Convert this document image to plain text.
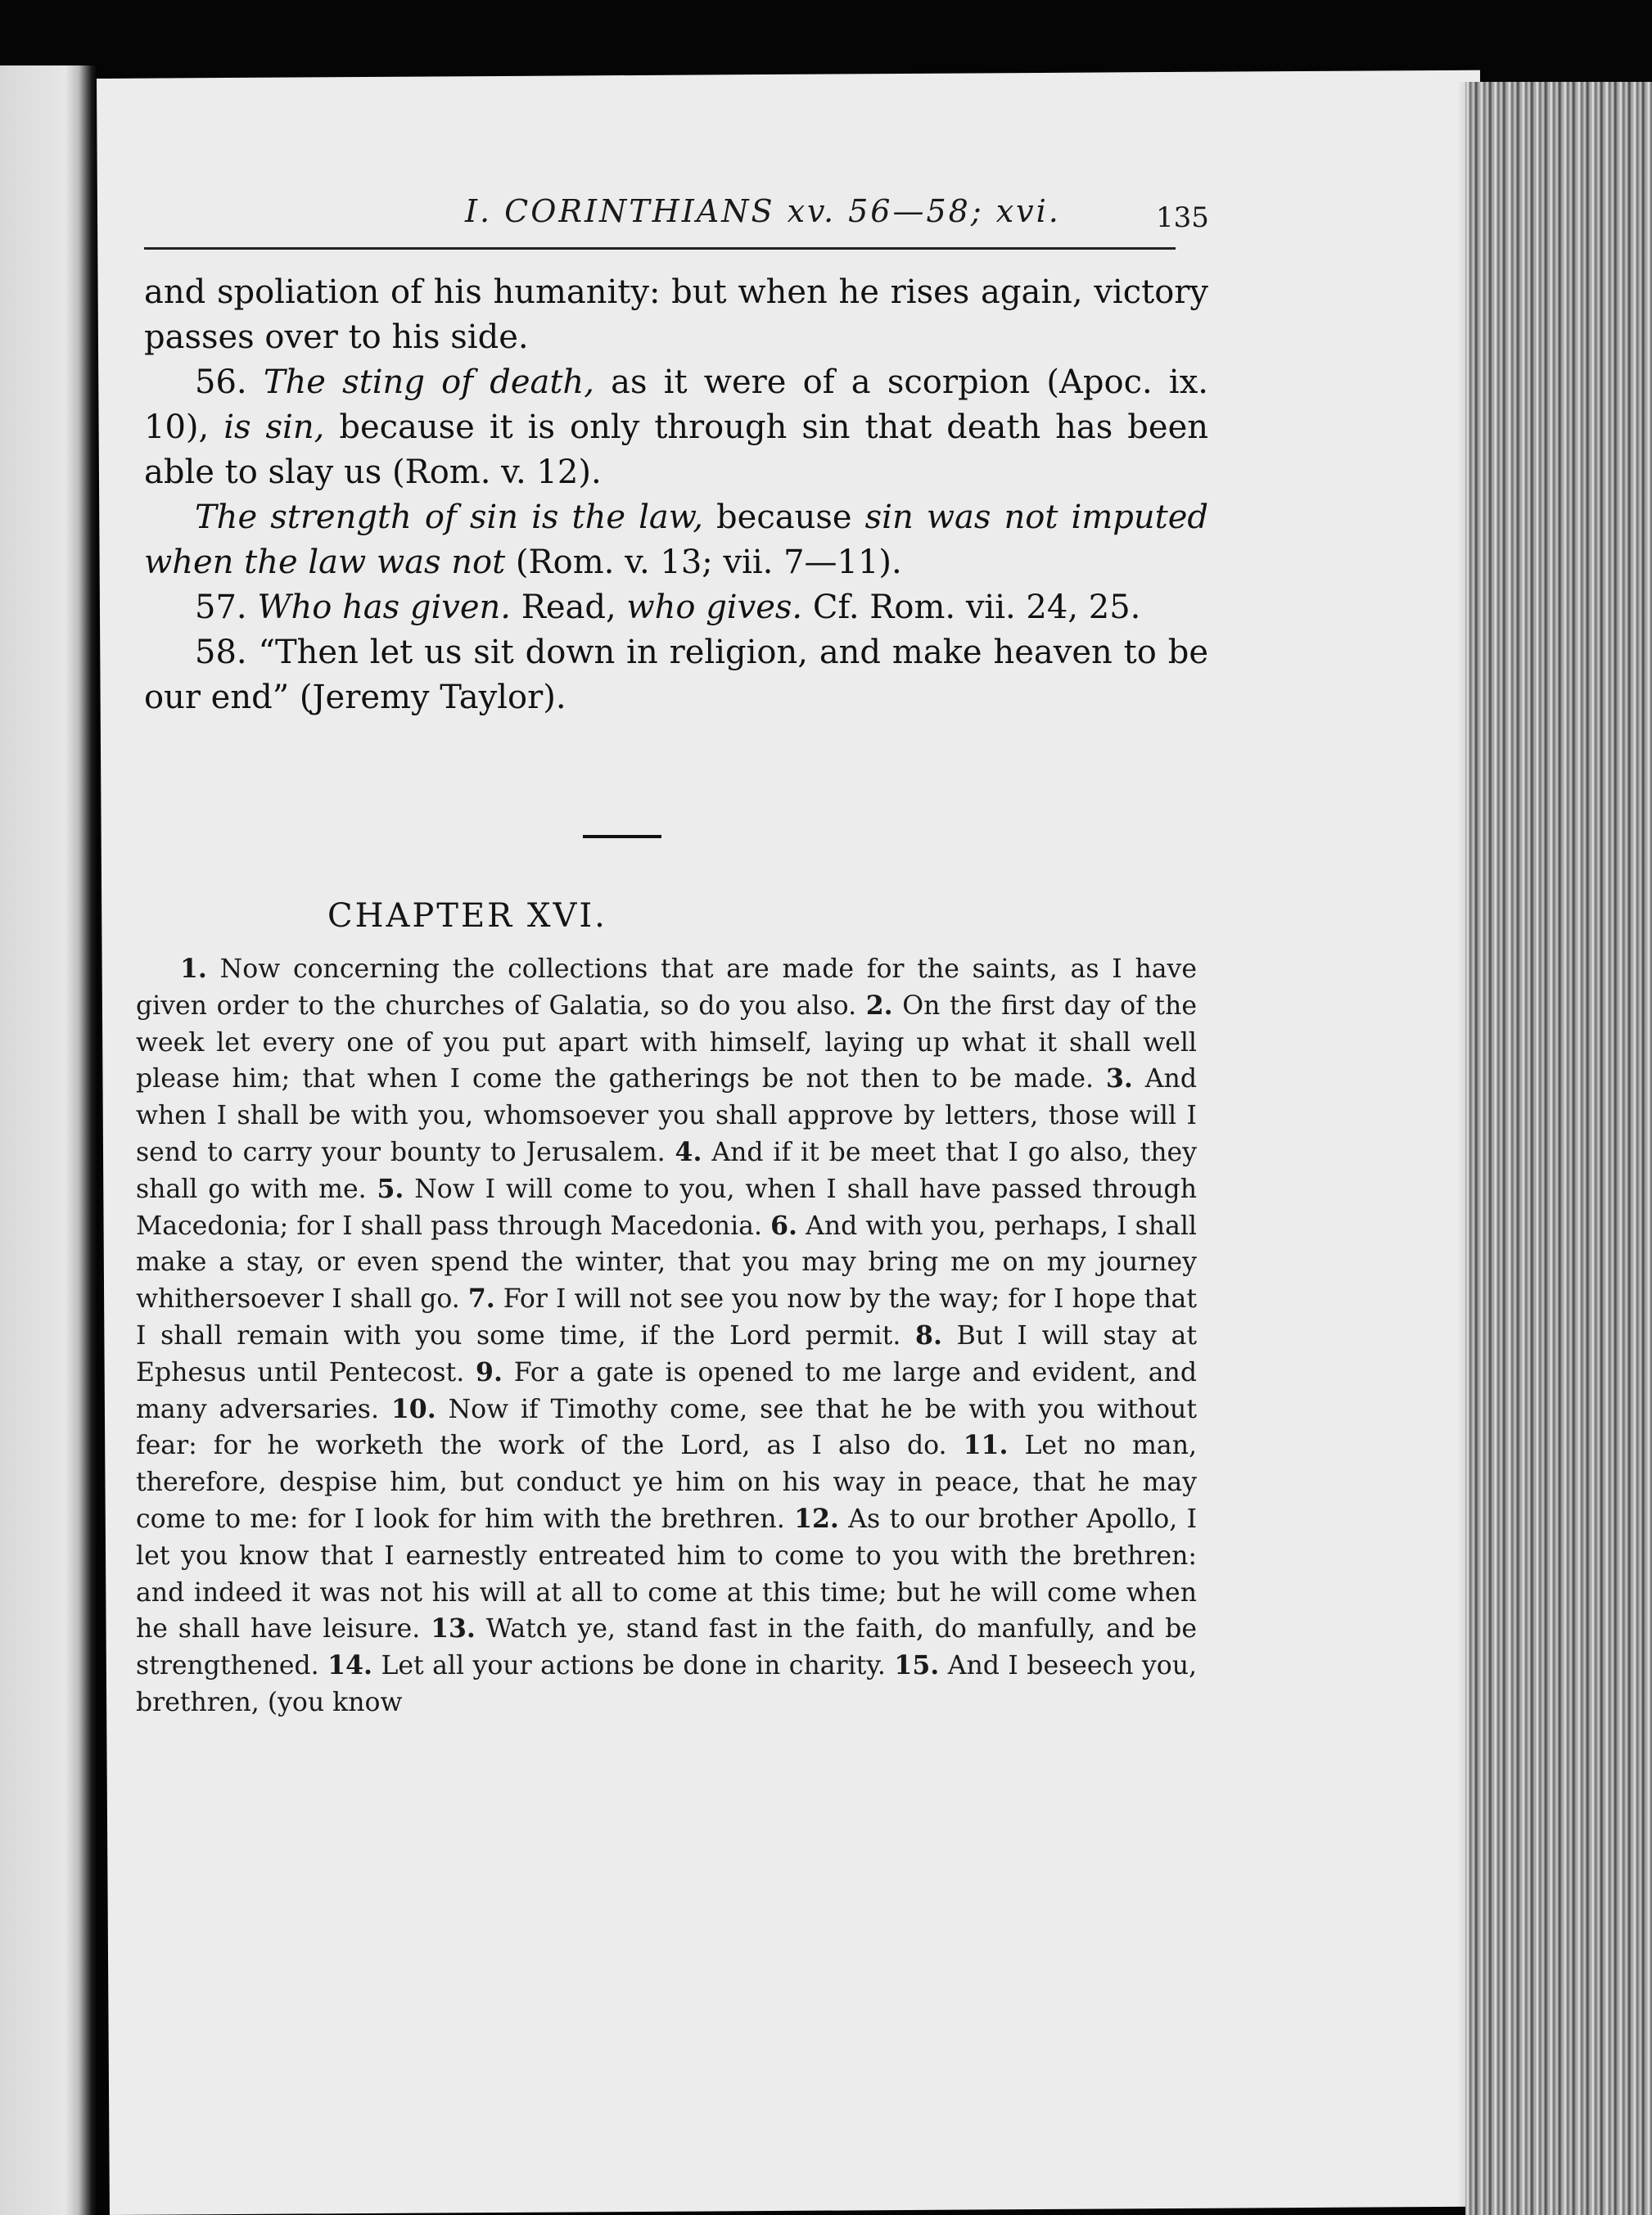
I. CORINTHIANS xv. 56—58; xvi.	135

and spoliation of his humanity: but when he rises again, victory passes over to his side.

56. The sting of death, as it were of a scorpion (Apoc. ix. 10), is sin, because it is only through sin that death has been able to slay us (Rom. v. 12).

The strength of sin is the law, because sin was not imputed when the law was not (Rom. v. 13; vii. 7—11).

57. Who has given. Read, who gives. Cf. Rom. vii. 24, 25.

58. “Then let us sit down in religion, and make heaven to be our end” (Jeremy Taylor).

CHAPTER XVI.

1. Now concerning the collections that are made for the saints, as I have given order to the churches of Galatia, so do you also. 2. On the first day of the week let every one of you put apart with himself, laying up what it shall well please him; that when I come the gatherings be not then to be made. 3. And when I shall be with you, whomsoever you shall approve by letters, those will I send to carry your bounty to Jerusalem. 4. And if it be meet that I go also, they shall go with me. 5. Now I will come to you, when I shall have passed through Macedonia; for I shall pass through Macedonia. 6. And with you, perhaps, I shall make a stay, or even spend the winter, that you may bring me on my journey whithersoever I shall go. 7. For I will not see you now by the way; for I hope that I shall remain with you some time, if the Lord permit. 8. But I will stay at Ephesus until Pentecost. 9. For a gate is opened to me large and evident, and many adversaries. 10. Now if Timothy come, see that he be with you without fear: for he worketh the work of the Lord, as I also do. 11. Let no man, therefore, despise him, but conduct ye him on his way in peace, that he may come to me: for I look for him with the brethren. 12. As to our brother Apollo, I let you know that I earnestly entreated him to come to you with the brethren: and indeed it was not his will at all to come at this time; but he will come when he shall have leisure. 13. Watch ye, stand fast in the faith, do manfully, and be strengthened. 14. Let all your actions be done in charity. 15. And I beseech you, brethren, (you know
